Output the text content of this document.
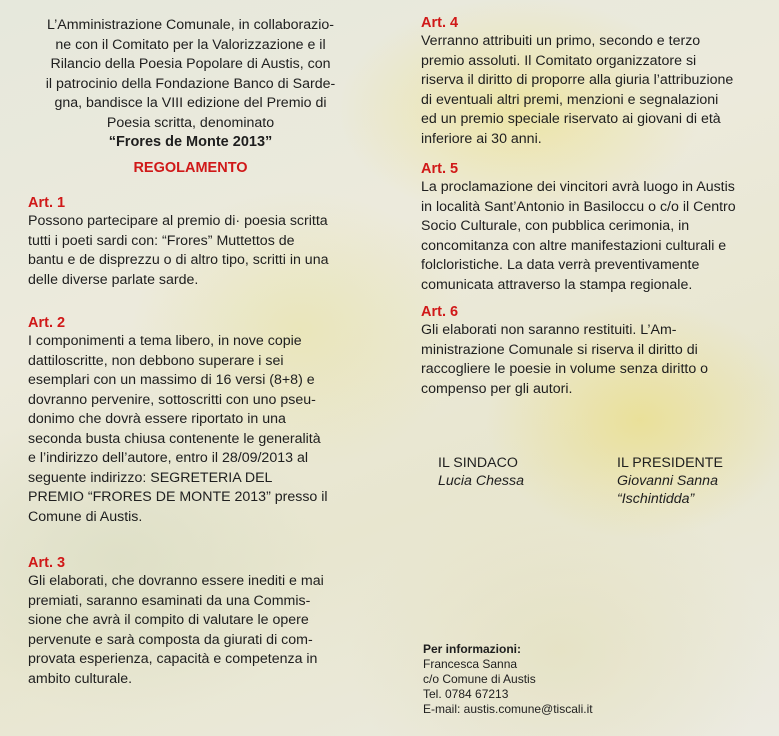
L’Amministrazione Comunale, in collaborazio-

ne con il Comitato per la Valorizzazione e il

Rilancio della Poesia Popolare di Austis, con

il patrocinio della Fondazione Banco di Sarde-

gna, bandisce la VIII edizione del Premio di

Poesia scritta, denominato

“Frores de Monte 2013”

REGOLAMENTO
Art. 1

Possono partecipare al premio di· poesia scritta

tutti i poeti sardi con: “Frores” Muttettos de

bantu e de disprezzu o di altro tipo, scritti in una

delle diverse parlate sarde.

Art. 2

I componimenti a tema libero, in nove copie

dattiloscritte, non debbono superare i sei

esemplari con un massimo di 16 versi (8+8) e

dovranno pervenire, sottoscritti con uno pseu-

donimo che dovrà essere riportato in una

seconda busta chiusa contenente le generalità

e l’indirizzo dell’autore, entro il 28/09/2013 al

seguente indirizzo: SEGRETERIA DEL

PREMIO “FRORES DE MONTE 2013” presso il

Comune di Austis.

Art. 3

Gli elaborati, che dovranno essere inediti e mai

premiati, saranno esaminati da una Commis-

sione che avrà il compito di valutare le opere

pervenute e sarà composta da giurati di com-

provata esperienza, capacità e competenza in

ambito culturale.

Art. 4

Verranno attribuiti un primo, secondo e terzo

premio assoluti. Il Comitato organizzatore si

riserva il diritto di proporre alla giuria l’attribuzione

di eventuali altri premi, menzioni e segnalazioni

ed un premio speciale riservato ai giovani di età

inferiore ai 30 anni.

Art. 5

La proclamazione dei vincitori avrà luogo in Austis

in località Sant’Antonio in Basiloccu o c/o il Centro

Socio Culturale, con pubblica cerimonia, in

concomitanza con altre manifestazioni culturali e

folcloristiche. La data verrà preventivamente

comunicata attraverso la stampa regionale.

Art. 6

Gli elaborati non saranno restituiti. L’Am-

ministrazione Comunale si riserva il diritto di

raccogliere le poesie in volume senza diritto o

compenso per gli autori.

IL SINDACO
Lucia Chessa
IL PRESIDENTE
Giovanni Sanna
“Ischintidda”
Per informazioni:
Francesca Sanna
c/o Comune di Austis
Tel. 0784 67213
E-mail: austis.comune@tiscali.it
